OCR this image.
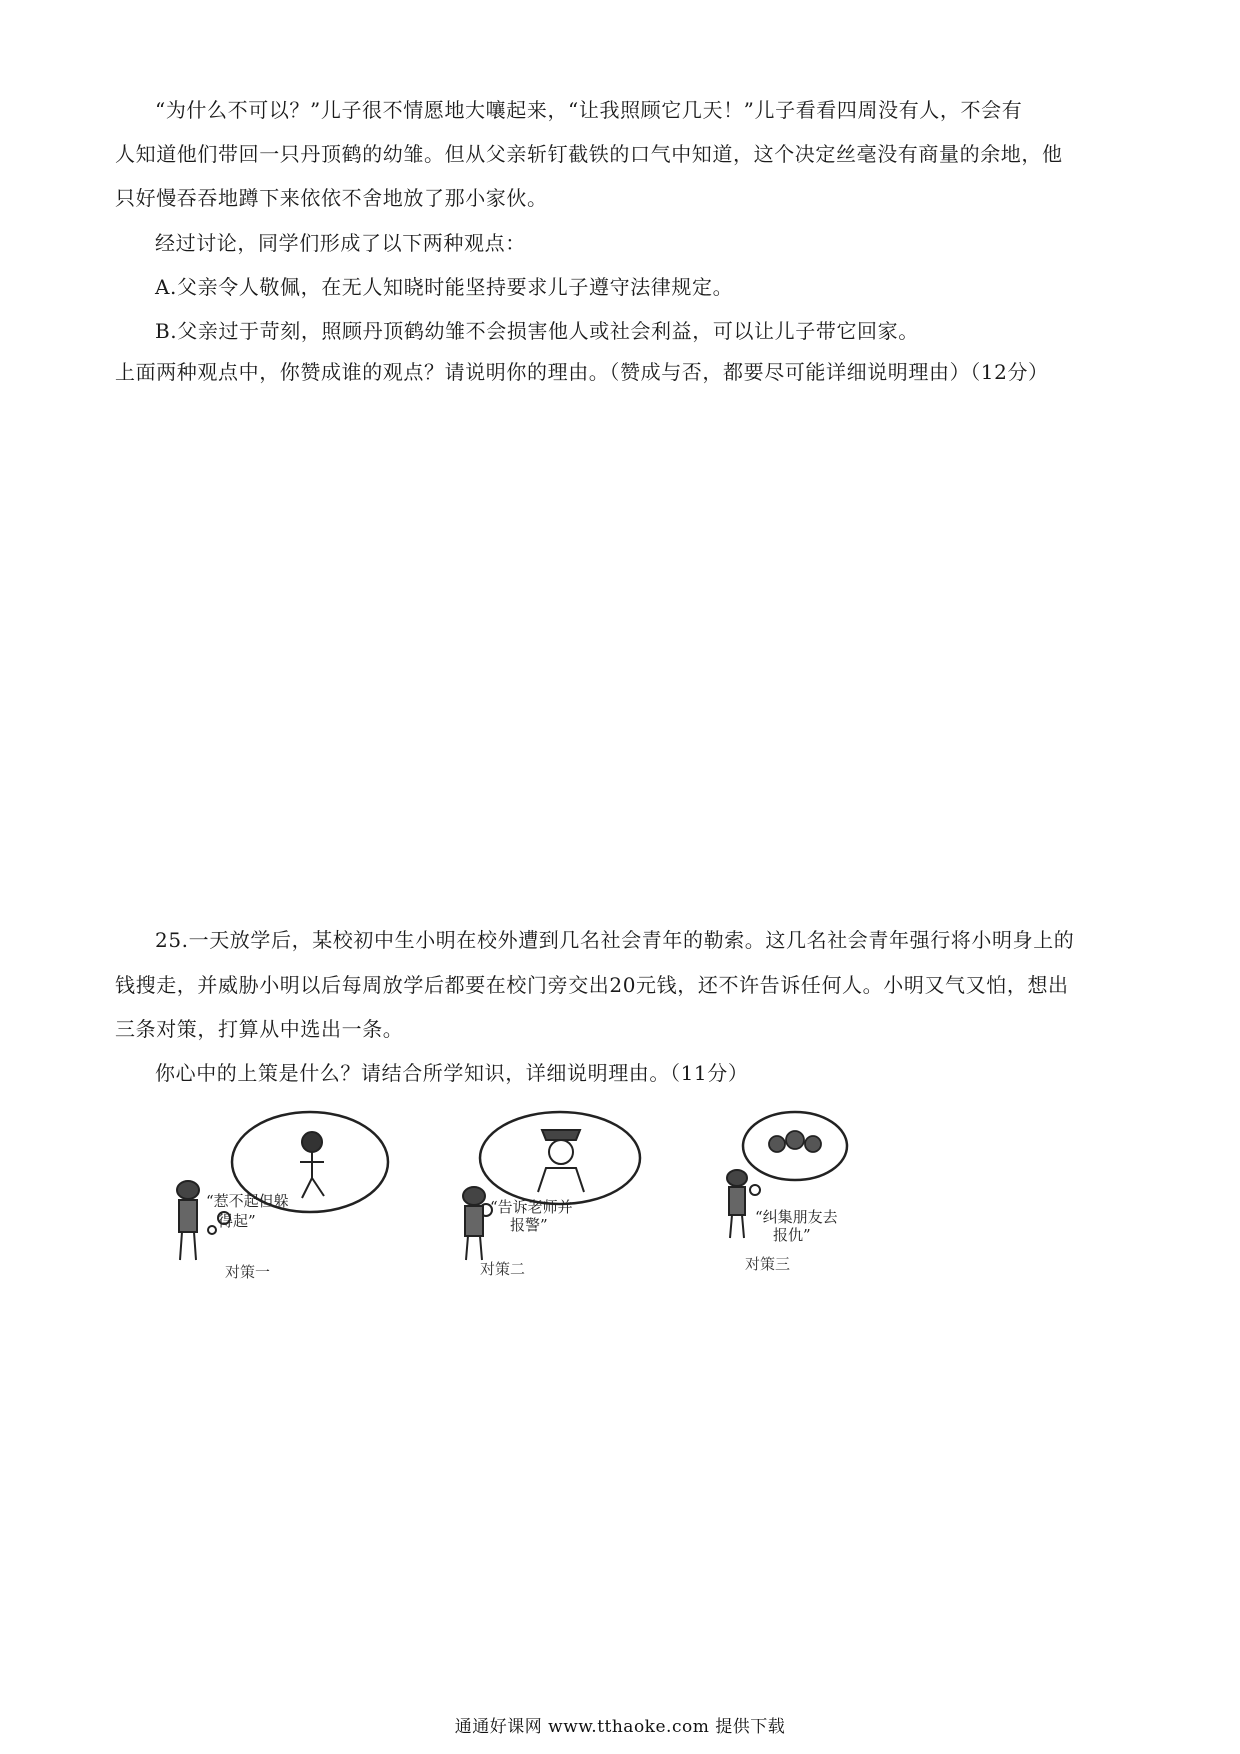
“为什么不可以？”儿子很不情愿地大嚷起来，“让我照顾它几天！”儿子看看四周没有人，不会有
人知道他们带回一只丹顶鹤的幼雏。但从父亲斩钉截铁的口气中知道，这个决定丝毫没有商量的余地，他
只好慢吞吞地蹲下来依依不舍地放了那小家伙。
经过讨论，同学们形成了以下两种观点：
A.父亲令人敬佩，在无人知晓时能坚持要求儿子遵守法律规定。
B.父亲过于苛刻，照顾丹顶鹤幼雏不会损害他人或社会利益，可以让儿子带它回家。
上面两种观点中，你赞成谁的观点？请说明你的理由。（赞成与否，都要尽可能详细说明理由）（12分）
25.一天放学后，某校初中生小明在校外遭到几名社会青年的勒索。这几名社会青年强行将小明身上的
钱搜走，并威胁小明以后每周放学后都要在校门旁交出20元钱，还不许告诉任何人。小明又气又怕，想出
三条对策，打算从中选出一条。
你心中的上策是什么？请结合所学知识，详细说明理由。（11分）
“惹不起但躲
得起”
对策一
“告诉老师并
报警”
对策二
“纠集朋友去
报仇”
对策三
通通好课网 www.tthaoke.com 提供下载
